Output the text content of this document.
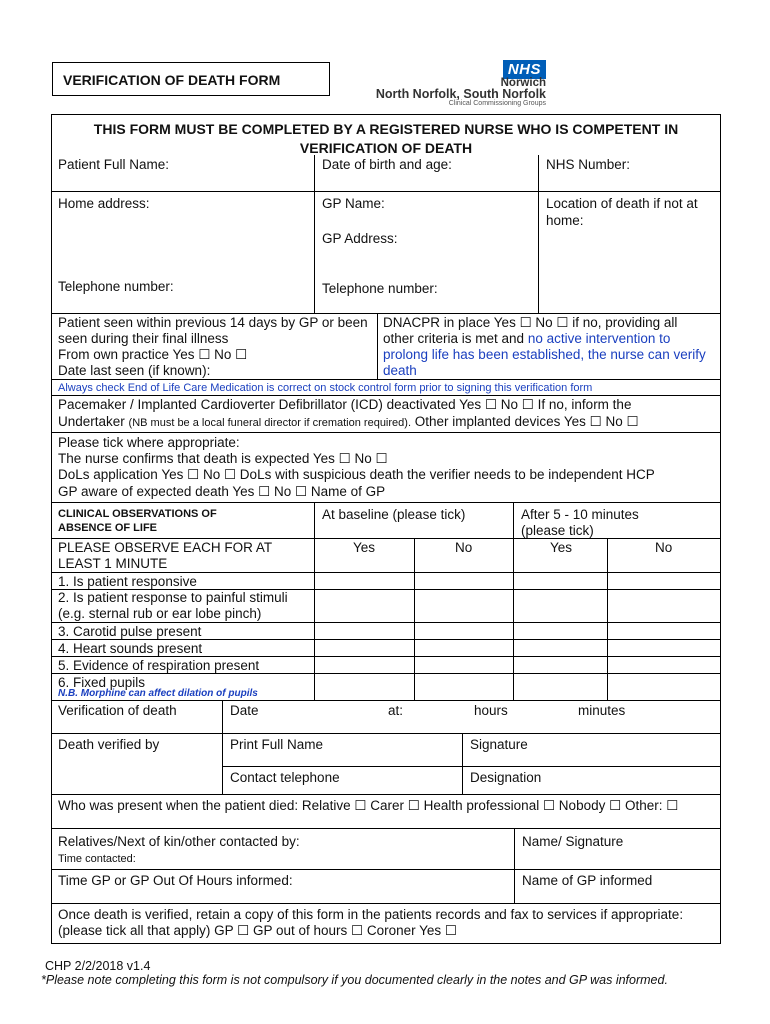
VERIFICATION OF DEATH FORM
NHS
Norwich
North Norfolk, South Norfolk
Clinical Commissioning Groups
THIS FORM MUST BE COMPLETED BY A REGISTERED NURSE WHO IS COMPETENT IN
VERIFICATION OF DEATH
Patient Full Name:	Date of birth and age:	NHS Number:
Home address:	GP Name:	Location of death if not at
home:
GP Address:
Telephone number:	Telephone number:
Patient seen within previous 14 days by GP or been
seen during their final illness
From own practice Yes ☐ No ☐
Date last seen (if known):
DNACPR in place Yes ☐ No ☐ if no, providing all
other criteria is met and no active intervention to
prolong life has been established, the nurse can verify
death
Always check End of Life Care Medication is correct on stock control form prior to signing this verification form
Pacemaker / Implanted Cardioverter Defibrillator (ICD) deactivated Yes ☐ No ☐ If no, inform the
Undertaker (NB must be a local funeral director if cremation required). Other implanted devices Yes ☐ No ☐
Please tick where appropriate:
The nurse confirms that death is expected Yes ☐ No ☐
DoLs application Yes ☐ No ☐ DoLs with suspicious death the verifier needs to be independent HCP
GP aware of expected death Yes ☐ No ☐ Name of GP
CLINICAL OBSERVATIONS OF
ABSENCE OF LIFE
At baseline (please tick)	After 5 - 10 minutes
(please tick)
PLEASE OBSERVE EACH FOR AT
LEAST 1 MINUTE
Yes	No	Yes	No
1. Is patient responsive
2. Is patient response to painful stimuli
(e.g. sternal rub or ear lobe pinch)
3. Carotid pulse present
4. Heart sounds present
5. Evidence of respiration present
6. Fixed pupils
N.B. Morphine can affect dilation of pupils
Verification of death	Date	at:	hours	minutes
Death verified by	Print Full Name	Signature
Contact telephone	Designation
Who was present when the patient died: Relative ☐ Carer ☐ Health professional ☐ Nobody ☐ Other: ☐
Relatives/Next of kin/other contacted by:
Time contacted:
Name/ Signature
Time GP or GP Out Of Hours informed:	Name of GP informed
Once death is verified, retain a copy of this form in the patients records and fax to services if appropriate:
(please tick all that apply) GP ☐ GP out of hours ☐ Coroner Yes ☐
CHP 2/2/2018 v1.4
*Please note completing this form is not compulsory if you documented clearly in the notes and GP was informed.
